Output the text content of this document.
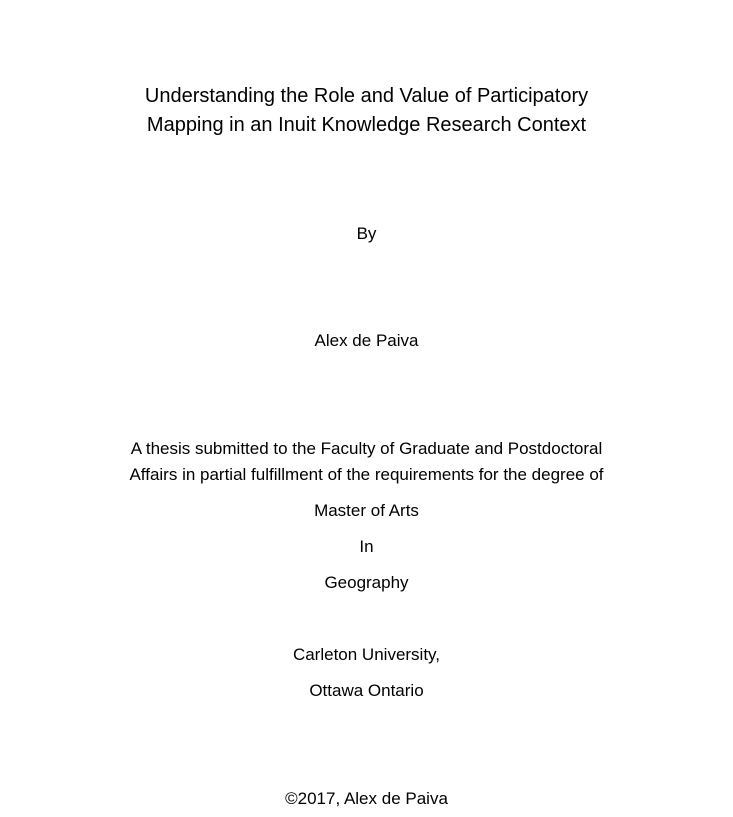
Understanding the Role and Value of Participatory
Mapping in an Inuit Knowledge Research Context
By
Alex de Paiva
A thesis submitted to the Faculty of Graduate and Postdoctoral
Affairs in partial fulfillment of the requirements for the degree of
Master of Arts
In
Geography
Carleton University,
Ottawa Ontario
©2017, Alex de Paiva
